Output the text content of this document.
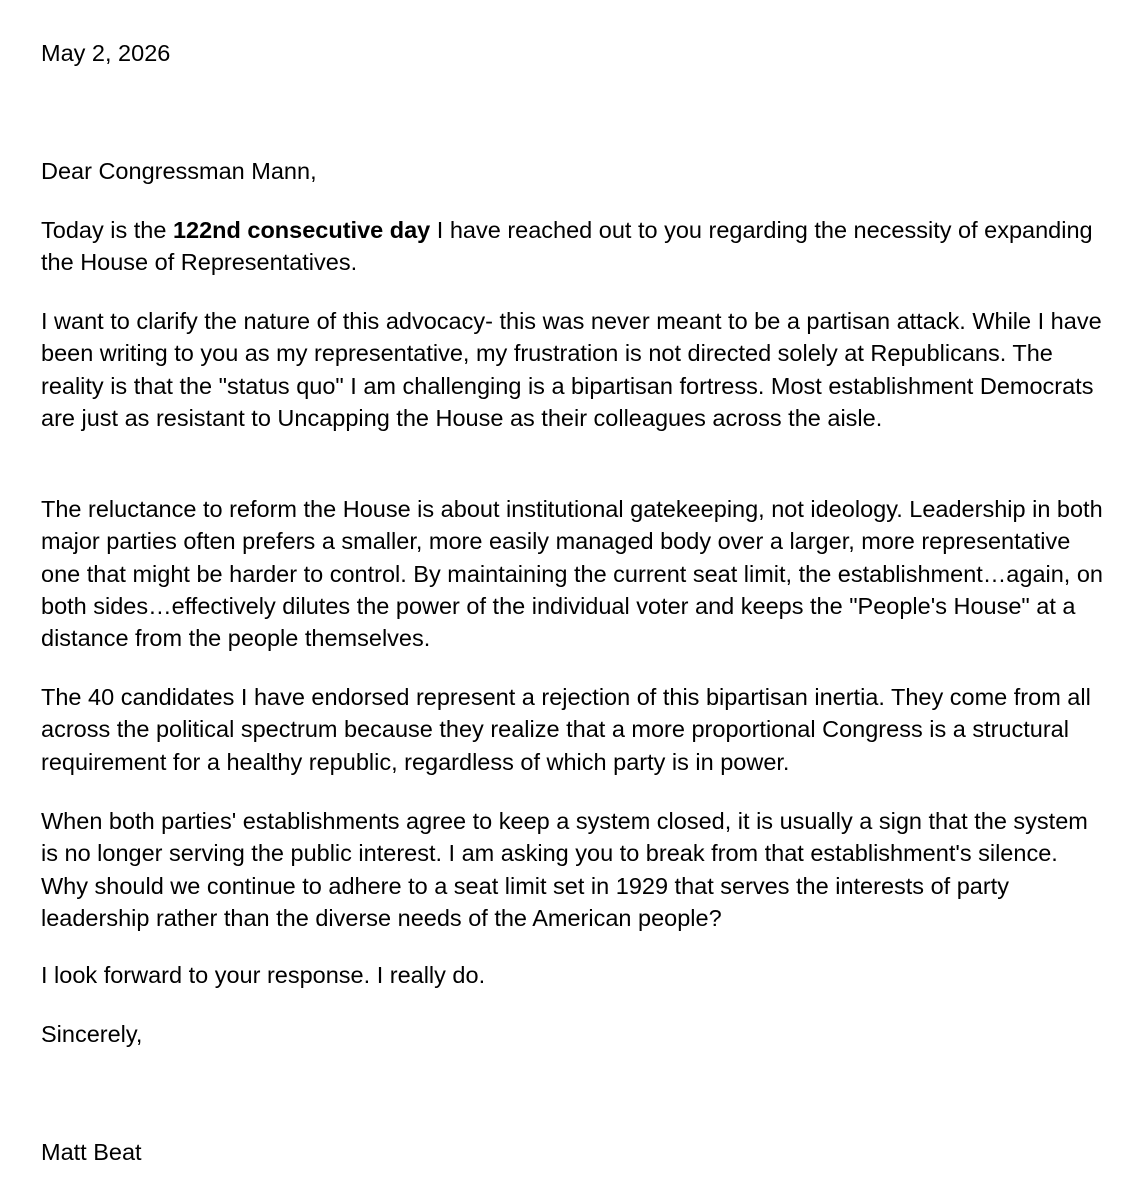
May 2, 2026

Dear Congressman Mann,

Today is the 122nd consecutive day I have reached out to you regarding the necessity of expanding the House of Representatives.

I want to clarify the nature of this advocacy- this was never meant to be a partisan attack. While I have been writing to you as my representative, my frustration is not directed solely at Republicans. The reality is that the "status quo" I am challenging is a bipartisan fortress. Most establishment Democrats are just as resistant to Uncapping the House as their colleagues across the aisle.

The reluctance to reform the House is about institutional gatekeeping, not ideology. Leadership in both major parties often prefers a smaller, more easily managed body over a larger, more representative one that might be harder to control. By maintaining the current seat limit, the establishment…again, on both sides…effectively dilutes the power of the individual voter and keeps the "People's House" at a distance from the people themselves.

The 40 candidates I have endorsed represent a rejection of this bipartisan inertia. They come from all across the political spectrum because they realize that a more proportional Congress is a structural requirement for a healthy republic, regardless of which party is in power.

When both parties' establishments agree to keep a system closed, it is usually a sign that the system is no longer serving the public interest. I am asking you to break from that establishment's silence. Why should we continue to adhere to a seat limit set in 1929 that serves the interests of party leadership rather than the diverse needs of the American people?

I look forward to your response. I really do.

Sincerely,

Matt Beat
